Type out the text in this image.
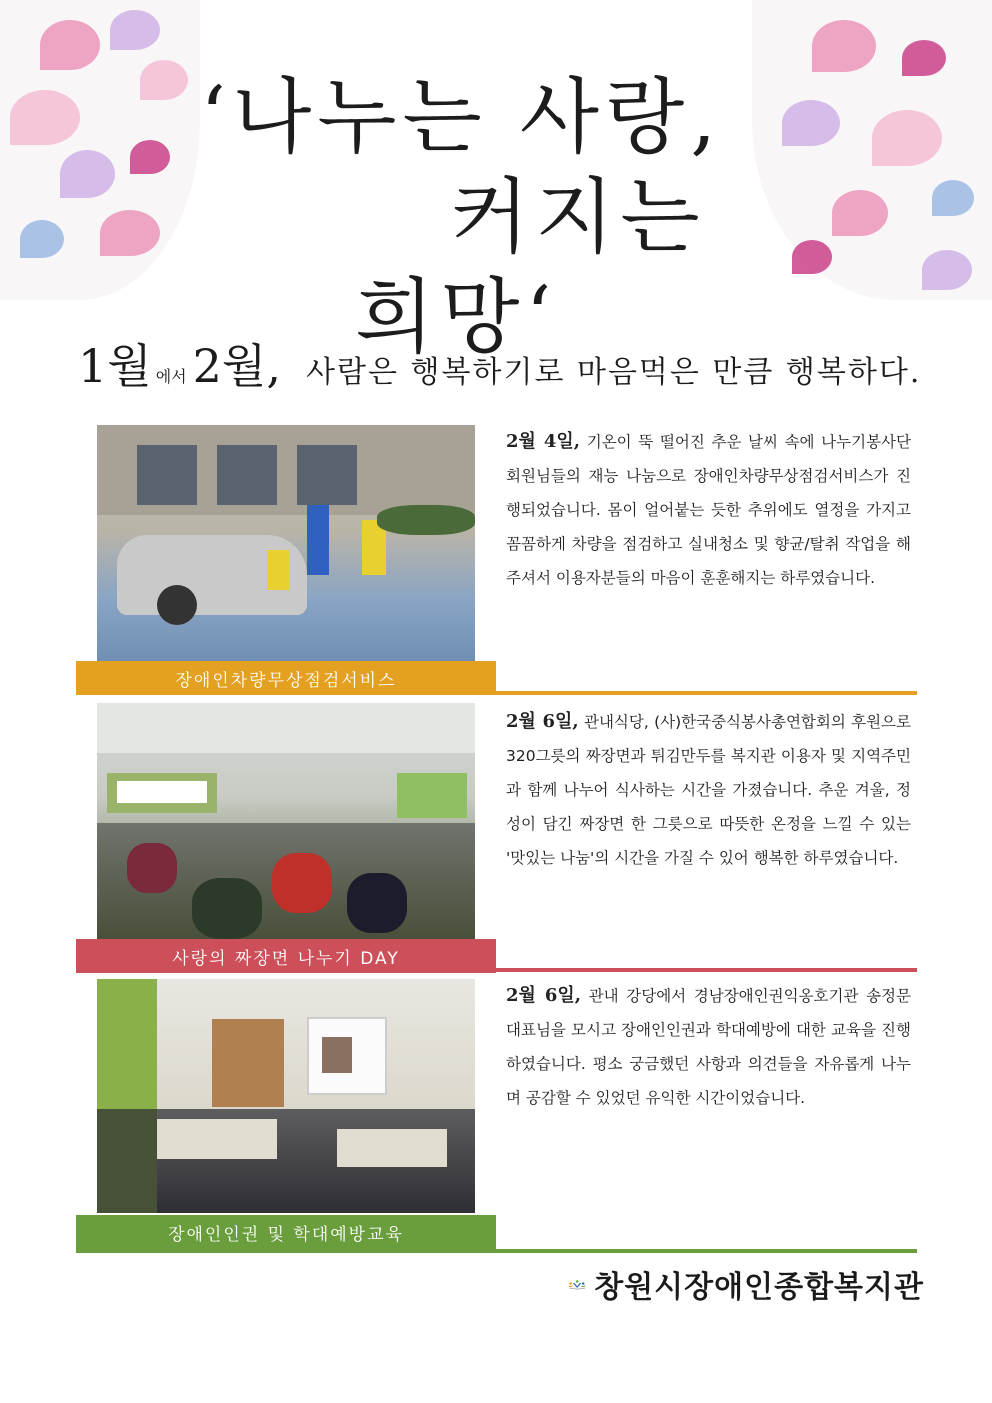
‘나누는 사랑,
커지는
희망‘
1월 에서 2월, 사람은 행복하기로 마음먹은 만큼 행복하다.
장애인차량무상점검서비스
2월 4일, 기온이 뚝 떨어진 추운 날씨 속에 나누기봉사단 회원님들의 재능 나눔으로 장애인차량무상점검서비스가 진행되었습니다. 몸이 얼어붙는 듯한 추위에도 열정을 가지고 꼼꼼하게 차량을 점검하고 실내청소 및 향균/탈취 작업을 해주셔서 이용자분들의 마음이 훈훈해지는 하루였습니다.
사랑의 짜장면 나누기 DAY
2월 6일, 관내식당, (사)한국중식봉사총연합회의 후원으로 320그릇의 짜장면과 튀김만두를 복지관 이용자 및 지역주민과 함께 나누어 식사하는 시간을 가졌습니다. 추운 겨울, 정성이 담긴 짜장면 한 그릇으로 따뜻한 온정을 느낄 수 있는 '맛있는 나눔'의 시간을 가질 수 있어 행복한 하루였습니다.
장애인인권 및 학대예방교육
2월 6일, 관내 강당에서 경남장애인권익옹호기관 송정문 대표님을 모시고 장애인인권과 학대예방에 대한 교육을 진행하였습니다. 평소 궁금했던 사항과 의견들을 자유롭게 나누며 공감할 수 있었던 유익한 시간이었습니다.
창원시장애인종합복지관
